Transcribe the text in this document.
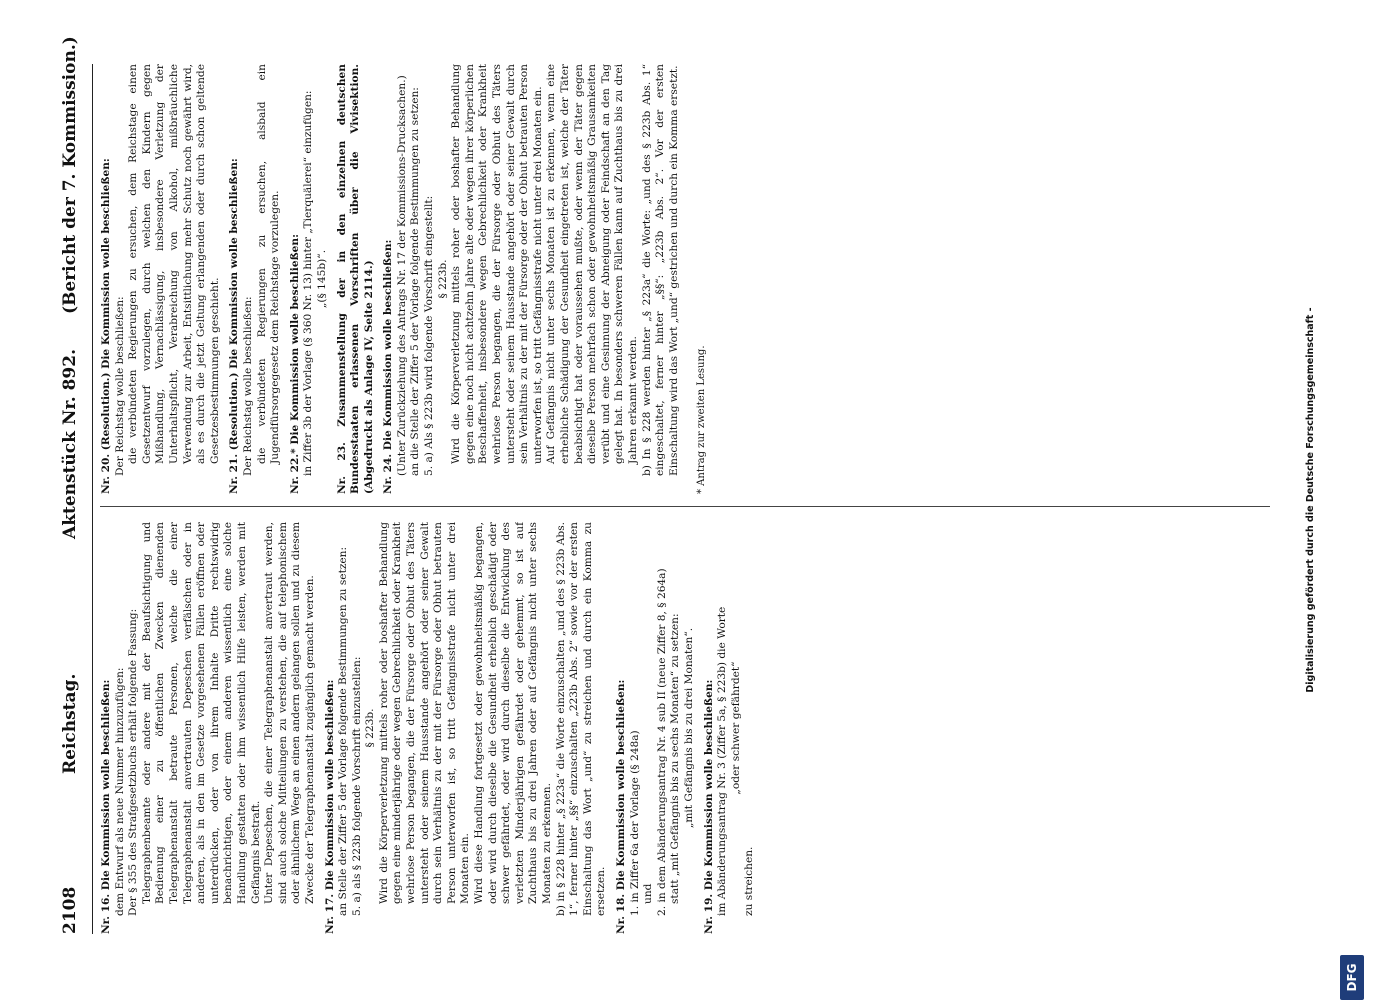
2108
Reichstag.
Aktenstück Nr. 892.
(Bericht der 7. Kommission.)

Nr. 16. Die Kommission wolle beschließen: dem Entwurf als neue Nummer hinzuzufügen: Der § 355 des Strafgesetzbuchs erhält folgende Fassung: Telegraphenbeamte oder andere mit der Beaufsichtigung und Bedienung einer zu öffentlichen Zwecken dienenden Telegraphenanstalt betraute Personen, welche die einer Telegraphenanstalt anvertrauten Depeschen verfälschen oder in anderen, als in den im Gesetze vorgesehenen Fällen eröffnen oder unterdrücken, oder von ihrem Inhalte Dritte rechtswidrig benachrichtigen, oder einem anderen wissentlich eine solche Handlung gestatten oder ihm wissentlich Hilfe leisten, werden mit Gefängnis bestraft. Unter Depeschen, die einer Telegraphenanstalt anvertraut werden, sind auch solche Mitteilungen zu verstehen, die auf telephonischem oder ähnlichem Wege an einen andern gelangen sollen und zu diesem Zwecke der Telegraphenanstalt zugänglich gemacht werden. Nr. 17. Die Kommission wolle beschließen: an Stelle der Ziffer 5 der Vorlage folgende Bestimmungen zu setzen: 5. a) als § 223b folgende Vorschrift einzustellen: § 223b. Wird die Körperverletzung mittels roher oder boshafter Behandlung gegen eine minderjährige oder wegen Gebrechlichkeit oder Krankheit wehrlose Person begangen, die der Fürsorge oder Obhut des Täters untersteht oder seinem Hausstande angehört oder seiner Gewalt durch sein Verhältnis zu der mit der Fürsorge oder Obhut betrauten Person unterworfen ist, so tritt Gefängnisstrafe nicht unter drei Monaten ein. Wird diese Handlung fortgesetzt oder gewohnheitsmäßig begangen, oder wird durch dieselbe die Gesundheit erheblich geschädigt oder schwer gefährdet, oder wird durch dieselbe die Entwicklung des verletzten Minderjährigen gefährdet oder gehemmt, so ist auf Zuchthaus bis zu drei Jahren oder auf Gefängnis nicht unter sechs Monaten zu erkennen. b) in § 228 hinter „§ 223a“ die Worte einzuschalten „und des § 223b Abs. 1“, ferner hinter „§§“ einzuschalten „223b Abs. 2“ sowie vor der ersten Einschaltung das Wort „und“ zu streichen und durch ein Komma zu ersetzen. Nr. 18. Die Kommission wolle beschließen: 1. in Ziffer 6a der Vorlage (§ 248a) und 2. in dem Abänderungsantrag Nr. 4 sub II (neue Ziffer 8, § 264a) statt „mit Gefängnis bis zu sechs Monaten“ zu setzen: „mit Gefängnis bis zu drei Monaten“. Nr. 19. Die Kommission wolle beschließen: im Abänderungsantrag Nr. 3 (Ziffer 5a, § 223b) die Worte „oder schwer gefährdet“

zu streichen.

Nr. 20. (Resolution.) Die Kommission wolle beschließen: Der Reichstag wolle beschließen: die verbündeten Regierungen zu ersuchen, dem Reichstage einen Gesetzentwurf vorzulegen, durch welchen den Kindern gegen Mißhandlung, Vernachlässigung, insbesondere Verletzung der Unterhaltspflicht, Verabreichung von Alkohol, mißbräuchliche Verwendung zur Arbeit, Entsittlichung mehr Schutz noch gewährt wird, als es durch die jetzt Geltung erlangenden oder durch schon geltende Gesetzesbestimmungen geschieht. Nr. 21. (Resolution.) Die Kommission wolle beschließen: Der Reichstag wolle beschließen: die verbündeten Regierungen zu ersuchen, alsbald ein Jugendfürsorgegesetz dem Reichstage vorzulegen. Nr. 22.* Die Kommission wolle beschließen: in Ziffer 3b der Vorlage (§ 360 Nr. 13) hinter „Tierquälerei“ einzufügen: „(§ 145b)“. Nr. 23. Zusammenstellung der in den einzelnen deutschen Bundesstaaten erlassenen Vorschriften über die Vivisektion. (Abgedruckt als Anlage IV, Seite 2114.) Nr. 24. Die Kommission wolle beschließen: (Unter Zurückziehung des Antrags Nr. 17 der Kommissions-Drucksachen.) an die Stelle der Ziffer 5 der Vorlage folgende Bestimmungen zu setzen: 5. a) Als § 223b wird folgende Vorschrift eingestellt: § 223b. Wird die Körperverletzung mittels roher oder boshafter Behandlung gegen eine noch nicht achtzehn Jahre alte oder wegen ihrer körperlichen Beschaffenheit, insbesondere wegen Gebrechlichkeit oder Krankheit wehrlose Person begangen, die der Fürsorge oder Obhut des Täters untersteht oder seinem Hausstande angehört oder seiner Gewalt durch sein Verhältnis zu der mit der Fürsorge oder der Obhut betrauten Person unterworfen ist, so tritt Gefängnisstrafe nicht unter drei Monaten ein. Auf Gefängnis nicht unter sechs Monaten ist zu erkennen, wenn eine erhebliche Schädigung der Gesundheit eingetreten ist, welche der Täter beabsichtigt hat oder voraussehen mußte, oder wenn der Täter gegen dieselbe Person mehrfach schon oder gewohnheitsmäßig Grausamkeiten verübt und eine Gesinnung der Abneigung oder Feindschaft an den Tag gelegt hat. In besonders schweren Fällen kann auf Zuchthaus bis zu drei Jahren erkannt werden. b) In § 228 werden hinter „§ 223a“ die Worte: „und des § 223b Abs. 1“ eingeschaltet, ferner hinter „§§“: „223b Abs. 2“. Vor der ersten Einschaltung wird das Wort „und“ gestrichen und durch ein Komma ersetzt. * Antrag zur zweiten Lesung.	Digitalisierung gefördert durch die Deutsche Forschungsgemeinschaft -
DFG
